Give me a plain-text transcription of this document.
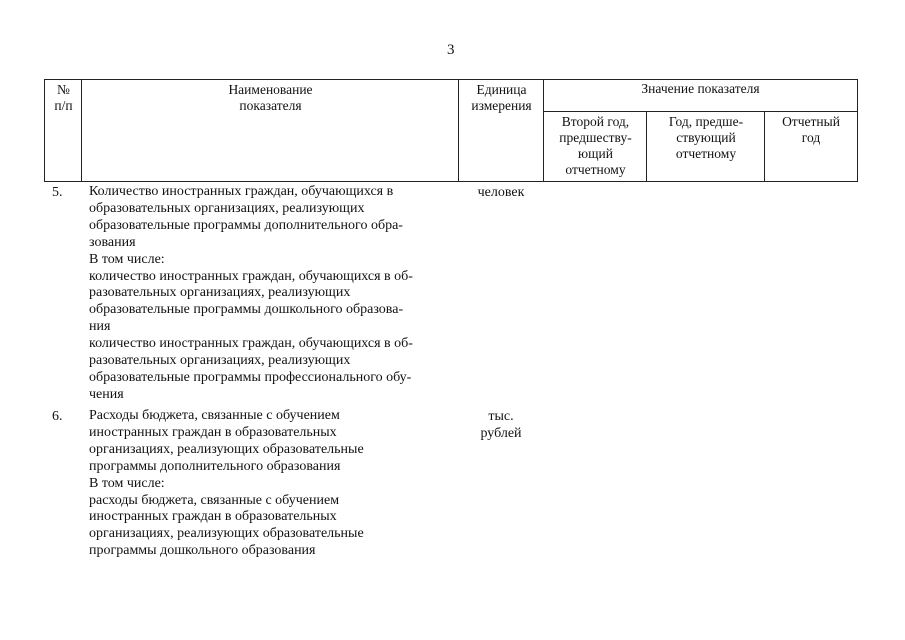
3
№
п/п
Наименование
показателя
Единица
измерения
Значение показателя
Второй год,
предшеству-
ющий
отчетному
Год, предше-
ствующий
отчетному
Отчетный
год
5. Количество иностранных граждан, обучающихся в
образовательных организациях, реализующих
образовательные программы дополнительного обра-
зования
В том числе:
количество иностранных граждан, обучающихся в об-
разовательных организациях, реализующих
образовательные программы дошкольного образова-
ния
количество иностранных граждан, обучающихся в об-
разовательных организациях, реализующих
образовательные программы профессионального обу-
чения
человек
6. Расходы бюджета, связанные с обучением
иностранных граждан в образовательных
организациях, реализующих образовательные
программы дополнительного образования
В том числе:
расходы бюджета, связанные с обучением
иностранных граждан в образовательных
организациях, реализующих образовательные
программы дошкольного образования
тыс.
рублей
